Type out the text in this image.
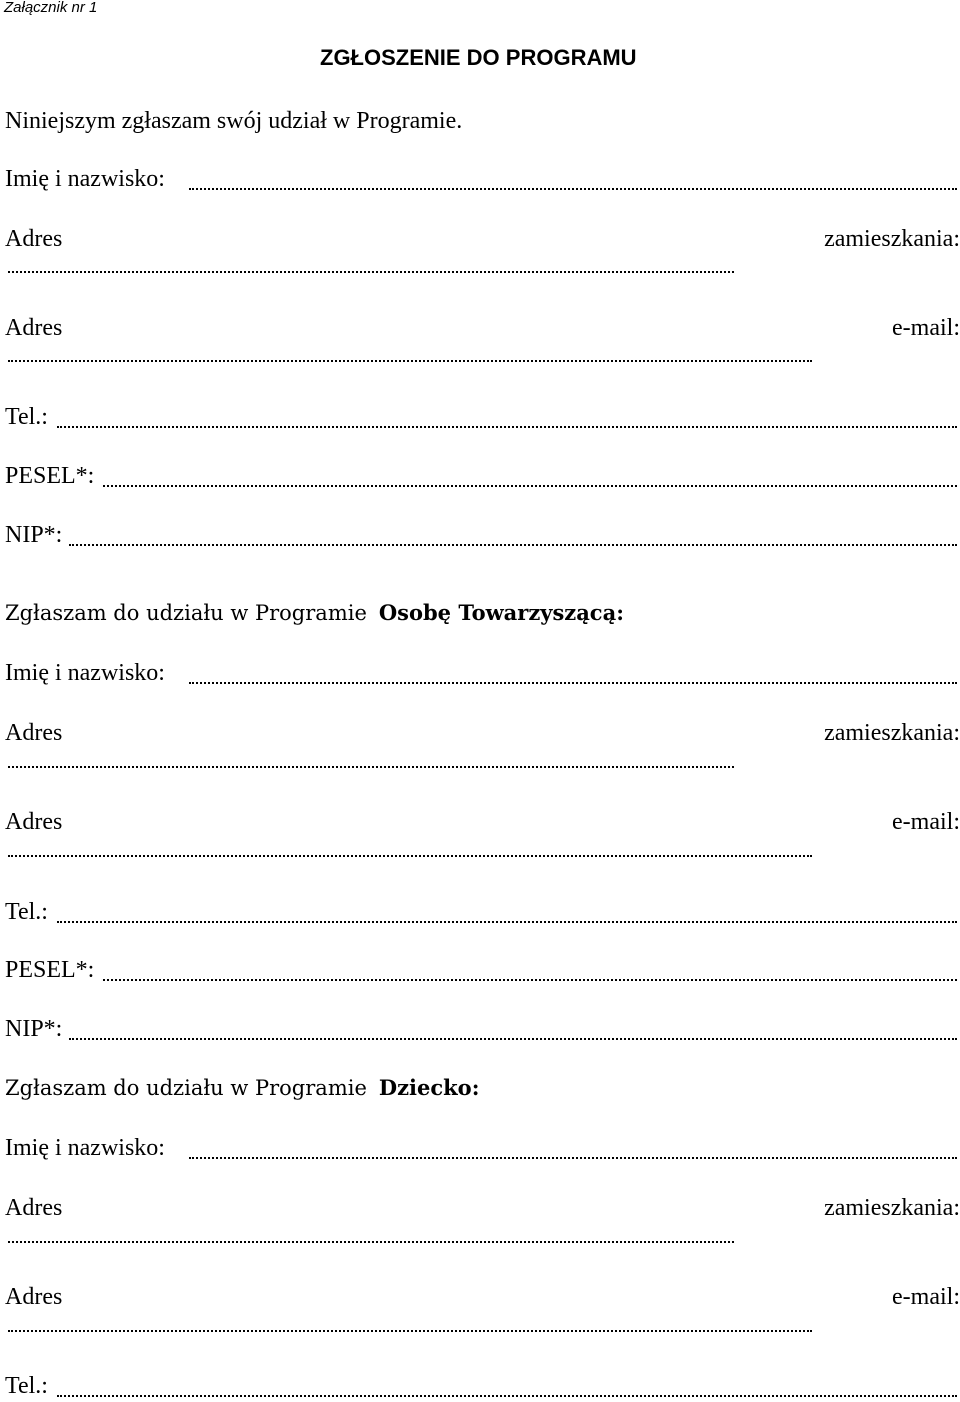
Załącznik nr 1
ZGŁOSZENIE DO PROGRAMU
Niniejszym zgłaszam swój udział w Programie.
Imię i nazwisko:
Adres	zamieszkania:
Adres	e-mail:
Tel.:
PESEL*:
NIP*:
Zgłaszam do udziału w Programie Osobę Towarzyszącą:
Imię i nazwisko:
Adres	zamieszkania:
Adres	e-mail:
Tel.:
PESEL*:
NIP*:
Zgłaszam do udziału w Programie Dziecko:
Imię i nazwisko:
Adres	zamieszkania:
Adres	e-mail:
Tel.:
